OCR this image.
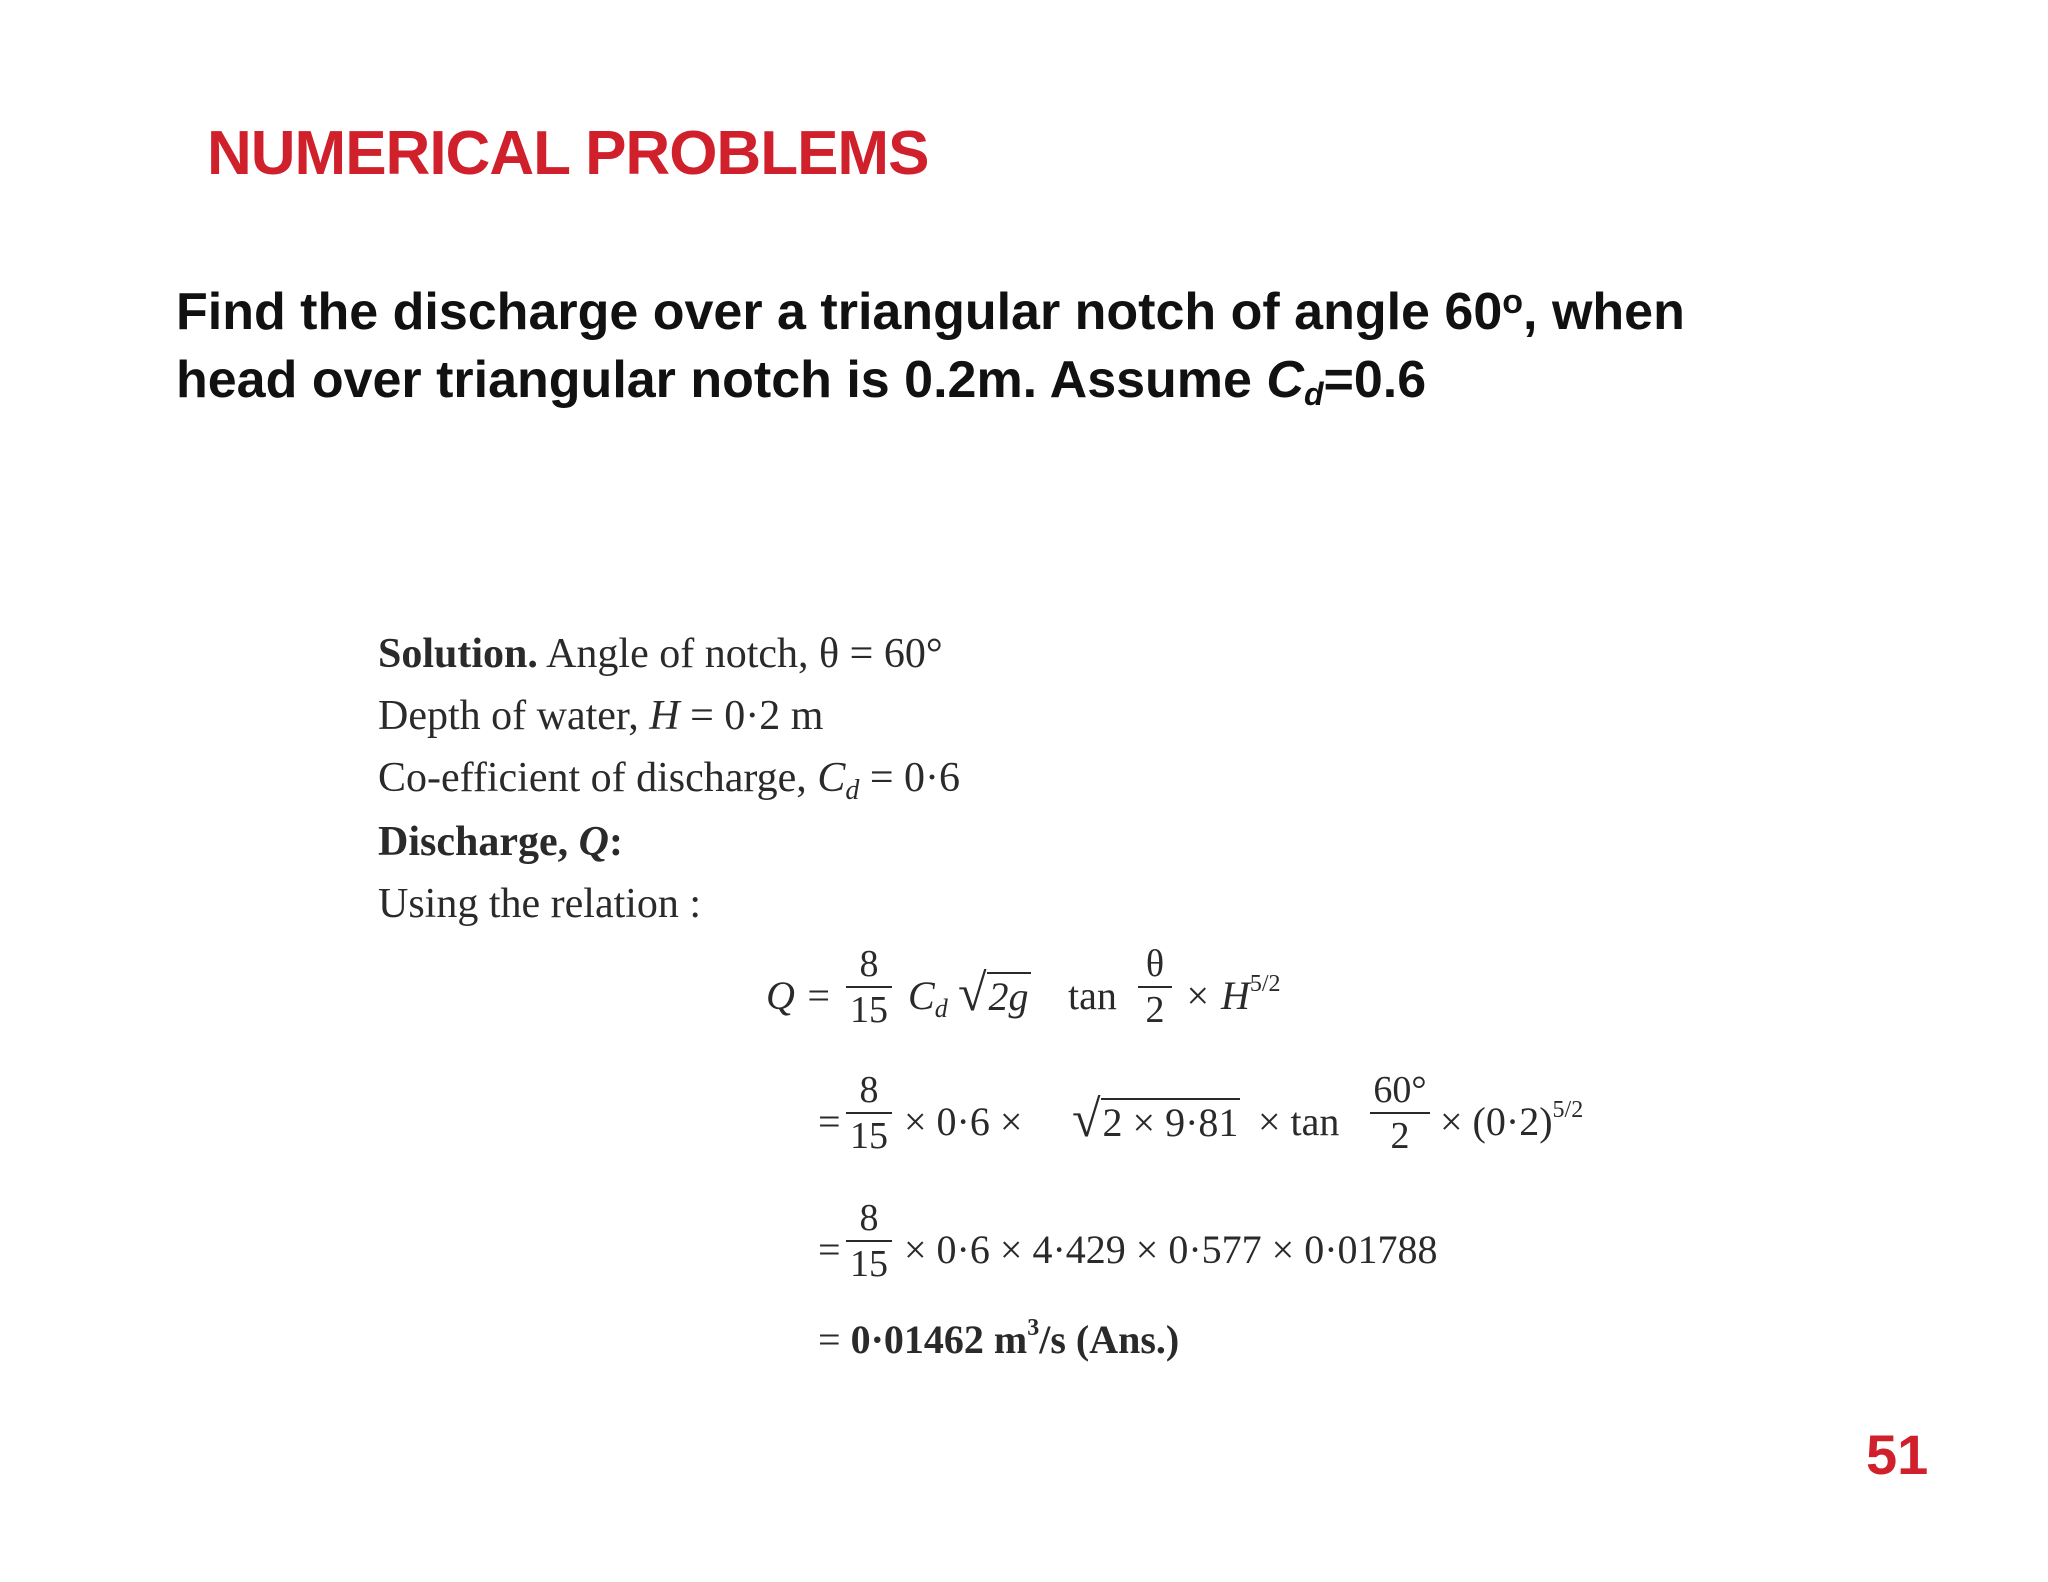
NUMERICAL PROBLEMS
Find the discharge over a triangular notch of angle 60$^o$, when
head over triangular notch is 0.2m. Assume $C_d=0.6$
Solution. Angle of notch, θ = 60°
Depth of water, H = 0·2 m
Co-efficient of discharge, $C_d = 0\cdot 6$
Discharge, Q:
Using the relation :
Q =
8
15 $C_d$ √2g tan
θ
$2 \times H^{5/2}$
=
8
15 × 0·6 × √2 × 9·81 × tan
60°
$2 \times (0\cdot 2)^{5/2}$
=
8
15 × 0·6 × 4·429 × 0·577 × 0·01788
= 0·01462 $m^3/s$ (Ans.)
51
